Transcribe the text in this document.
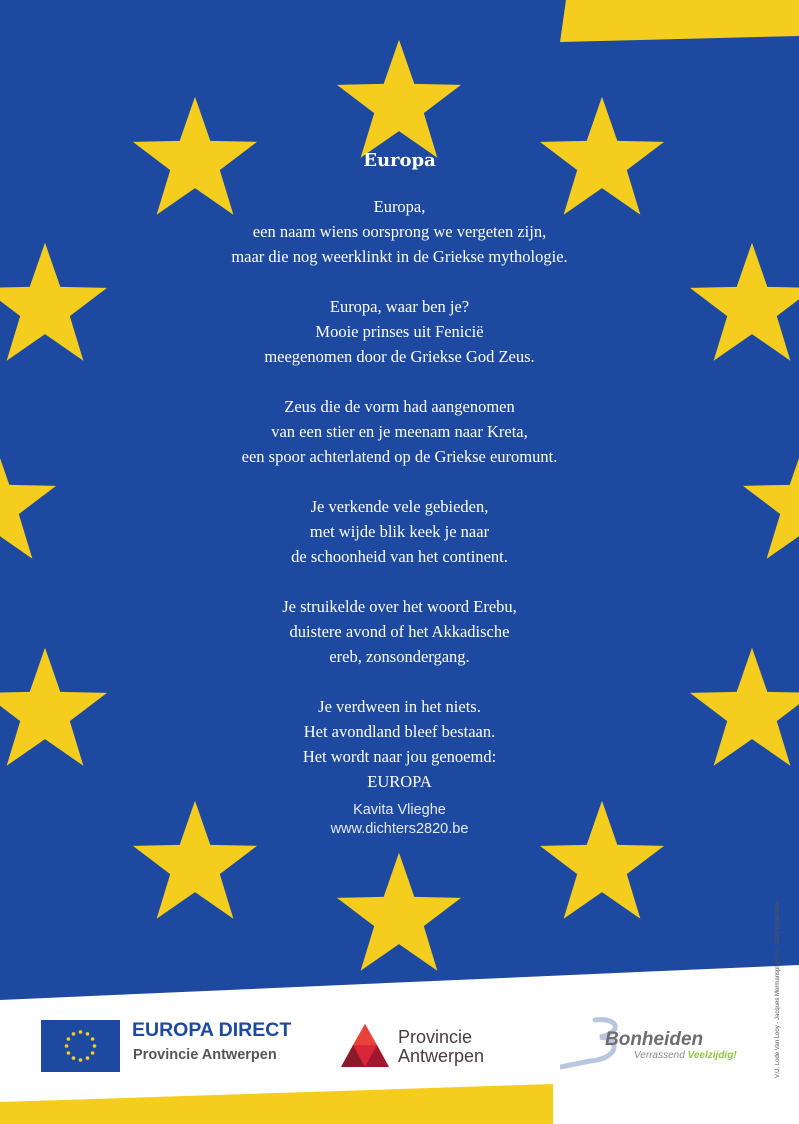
Europa
Europa,
een naam wiens oorsprong we vergeten zijn,
maar die nog weerklinkt in de Griekse mythologie.
Europa, waar ben je?
Mooie prinses uit Fenicië
meegenomen door de Griekse God Zeus.
Zeus die de vorm had aangenomen
van een stier en je meenam naar Kreta,
een spoor achterlatend op de Griekse euromunt.
Je verkende vele gebieden,
met wijde blik keek je naar
de schoonheid van het continent.
Je struikelde over het woord Erebu,
duistere avond of het Akkadische
ereb, zonsondergang.
Je verdween in het niets.
Het avondland bleef bestaan.
Het wordt naar jou genoemd:
EUROPA
Kavita Vlieghe
www.dichters2820.be
EUROPA DIRECT
Provincie Antwerpen
Provincie
Antwerpen
Bonheiden
Verrassend Veelzijdig!	V.U. Lode Van Looy - Jacques Mermansplein 10 · 2820 Bonheiden
